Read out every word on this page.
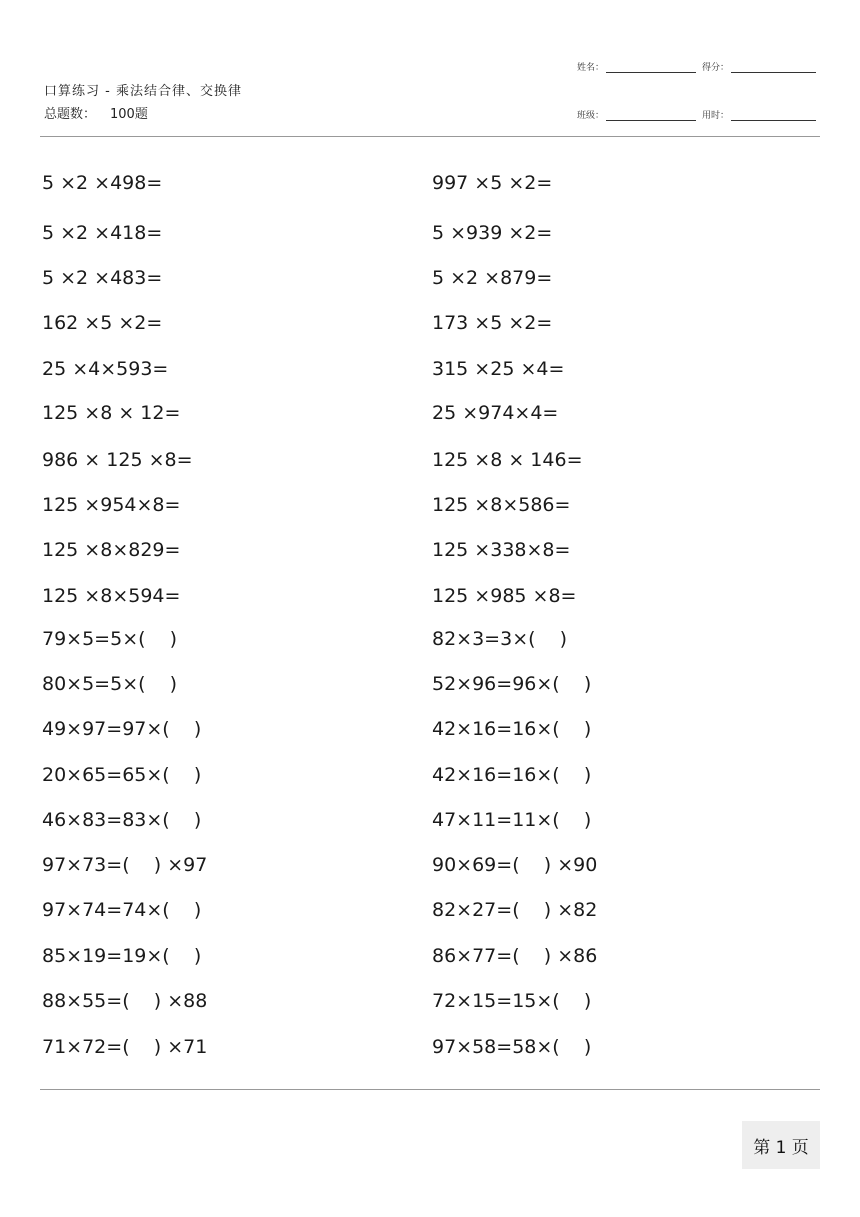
口算练习 - 乘法结合律、交换律
总题数： 100题
姓名：	得分：
班级：	用时：
5 ×2 ×498=
5 ×2 ×418=
5 ×2 ×483=
162 ×5 ×2=
25 ×4×593=
125 ×8 × 12=
986 × 125 ×8=
125 ×954×8=
125 ×8×829=
125 ×8×594=
79×5=5×(    )
80×5=5×(    )
49×97=97×(    )
20×65=65×(    )
46×83=83×(    )
97×73=(    ) ×97
97×74=74×(    )
85×19=19×(    )
88×55=(    ) ×88
71×72=(    ) ×71
997 ×5 ×2=
5 ×939 ×2=
5 ×2 ×879=
173 ×5 ×2=
315 ×25 ×4=
25 ×974×4=
125 ×8 × 146=
125 ×8×586=
125 ×338×8=
125 ×985 ×8=
82×3=3×(    )
52×96=96×(    )
42×16=16×(    )
42×16=16×(    )
47×11=11×(    )
90×69=(    ) ×90
82×27=(    ) ×82
86×77=(    ) ×86
72×15=15×(    )
97×58=58×(    )
第 1 页
